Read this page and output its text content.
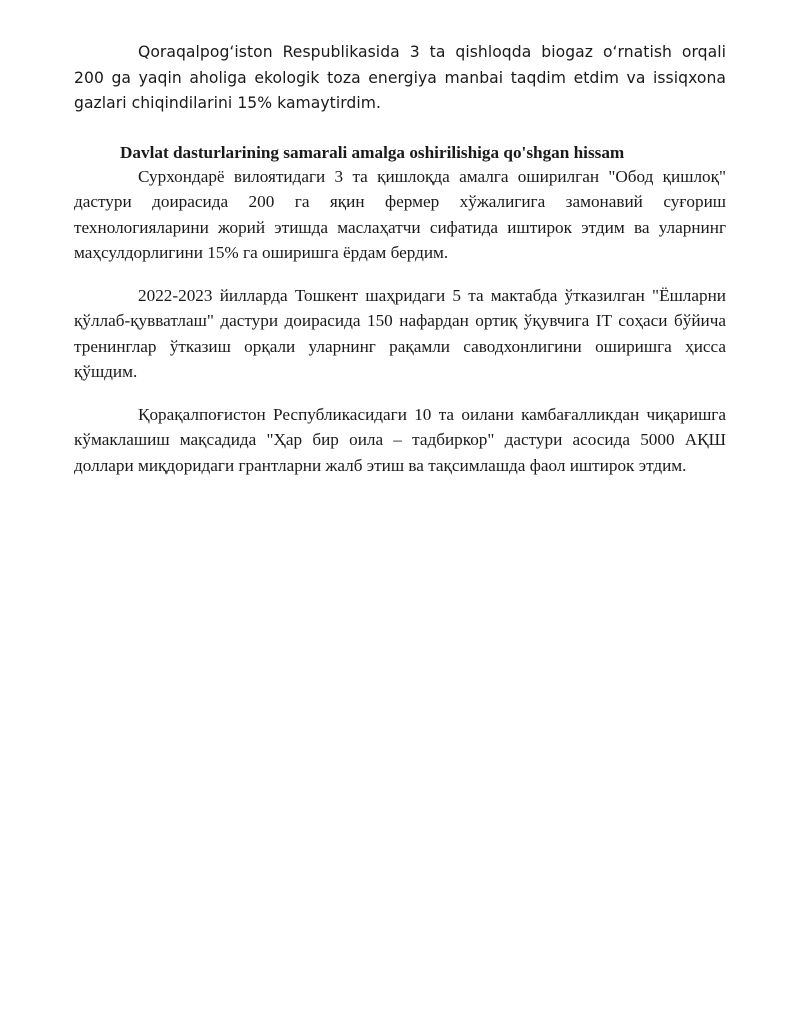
Qoraqalpog‘iston Respublikasida 3 ta qishloqda biogaz o‘rnatish orqali 200 ga yaqin aholiga ekologik toza energiya manbai taqdim etdim va issiqxona gazlari chiqindilarini 15% kamaytirdim.

Davlat dasturlarining samarali amalga oshirilishiga qo'shgan hissam

Сурхондарё вилоятидаги 3 та қишлоқда амалга оширилган "Обод қишлоқ" дастури доирасида 200 га яқин фермер хўжалигига замонавий суғориш технологияларини жорий этишда маслаҳатчи сифатида иштирок этдим ва уларнинг маҳсулдорлигини 15% га оширишга ёрдам бердим.

2022-2023 йилларда Тошкент шаҳридаги 5 та мактабда ўтказилган "Ёшларни қўллаб-қувватлаш" дастури доирасида 150 нафардан ортиқ ўқувчига IT соҳаси бўйича тренинглар ўтказиш орқали уларнинг рақамли саводхонлигини оширишга ҳисса қўшдим.

Қорақалпоғистон Республикасидаги 10 та оилани камбағалликдан чиқаришга кўмаклашиш мақсадида "Ҳар бир оила – тадбиркор" дастури асосида 5000 АҚШ доллари миқдоридаги грантларни жалб этиш ва тақсимлашда фаол иштирок этдим.
